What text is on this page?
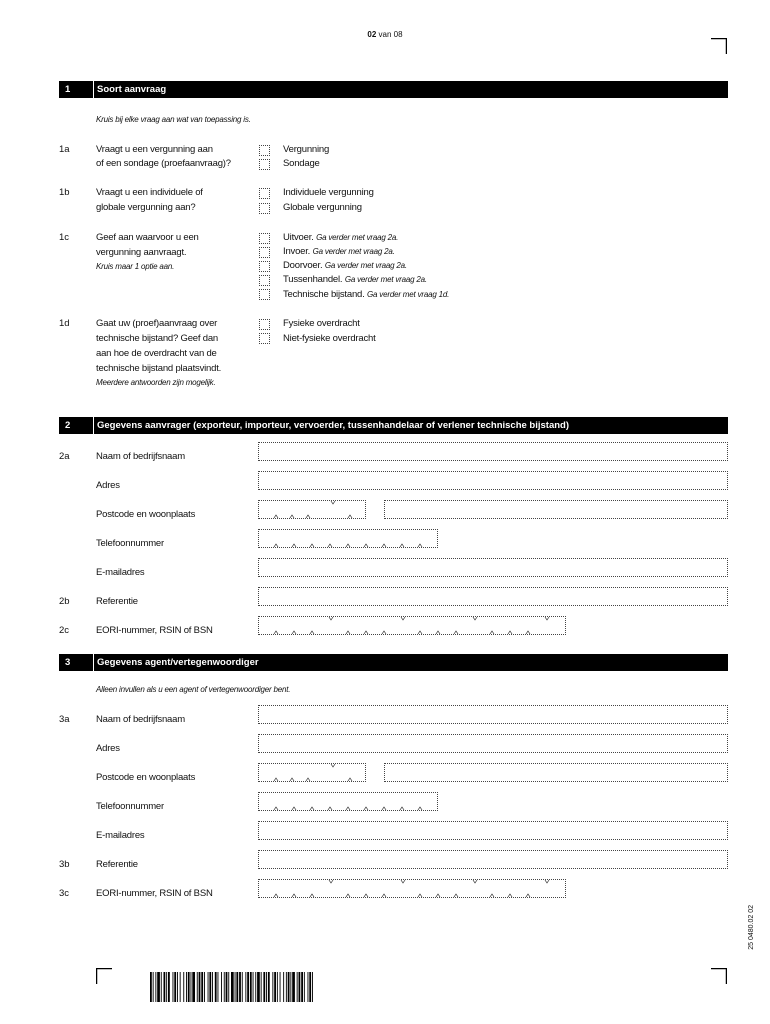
02 van 08
1	Soort aanvraag
Kruis bij elke vraag aan wat van toepassing is.
1a	Vraagt u een vergunning aan
of een sondage (proefaanvraag)?
Vergunning
Sondage
1b	Vraagt u een individuele of
globale vergunning aan?
Individuele vergunning
Globale vergunning
1c	Geef aan waarvoor u een
vergunning aanvraagt.
Kruis maar 1 optie aan.
Uitvoer. Ga verder met vraag 2a.
Invoer. Ga verder met vraag 2a.
Doorvoer. Ga verder met vraag 2a.
Tussenhandel. Ga verder met vraag 2a.
Technische bijstand. Ga verder met vraag 1d.
1d	Gaat uw (proef)aanvraag over
technische bijstand? Geef dan
aan hoe de overdracht van de
technische bijstand plaatsvindt.
Meerdere antwoorden zijn mogelijk.
Fysieke overdracht
Niet-fysieke overdracht
2	Gegevens aanvrager (exporteur, importeur, vervoerder, tussenhandelaar of verlener technische bijstand)
2a	Naam of bedrijfsnaam
Adres
Postcode en woonplaats
Telefoonnummer
E-mailadres
2b	Referentie
2c	EORI-nummer, RSIN of BSN
3	Gegevens agent/vertegenwoordiger
Alleen invullen als u een agent of vertegenwoordiger bent.
3a	Naam of bedrijfsnaam
Adres
Postcode en woonplaats
Telefoonnummer
E-mailadres
3b	Referentie
3c	EORI-nummer, RSIN of BSN
25 0480.02 02
